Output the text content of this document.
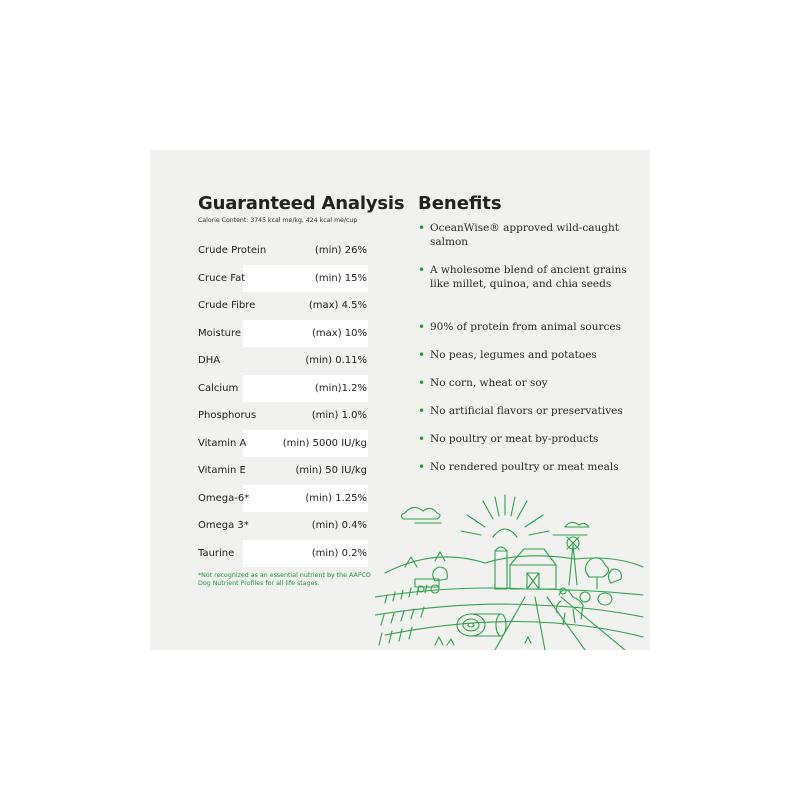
Guaranteed Analysis
Calorie Content: 3745 kcal me/kg, 424 kcal me/cup
Crude Protein	(min) 26%
Cruce Fat	(min) 15%
Crude Fibre	(max) 4.5%
Moisture	(max) 10%
DHA	(min) 0.11%
Calcium	(min)1.2%
Phosphorus	(min) 1.0%
Vitamin A	(min) 5000 IU/kg
Vitamin E	(min) 50 IU/kg
Omega-6*	(min) 1.25%
Omega 3*	(min) 0.4%
Taurine	(min) 0.2%
*Not recognized as an essential nutrient by the AAFCO Dog Nutrient Profiles for all life stages.
Benefits
• OceanWise® approved wild-caught salmon
• A wholesome blend of ancient grains like millet, quinoa, and chia seeds
• 90% of protein from animal sources
• No peas, legumes and potatoes
• No corn, wheat or soy
• No artificial flavors or preservatives
• No poultry or meat by-products
• No rendered poultry or meat meals
